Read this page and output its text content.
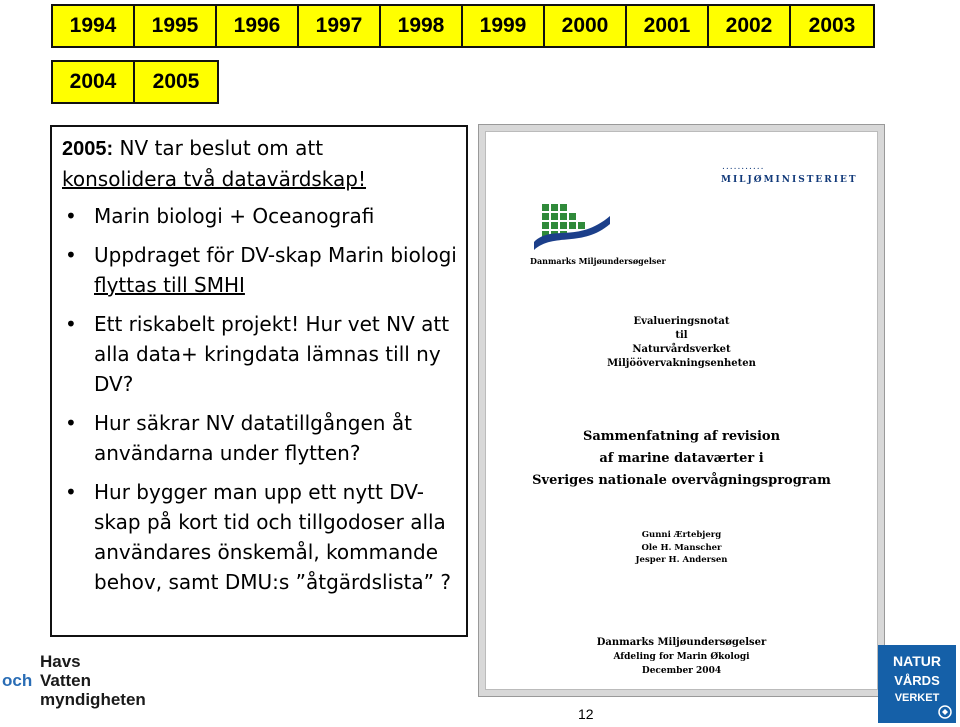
1994	1995	1996	1997	1998	1999	2000	2001	2002	2003
2004	2005
2005: NV tar beslut om att
konsolidera två datavärdskap!
• Marin biologi + Oceanografi
• Uppdraget för DV-skap Marin biologi flyttas till SMHI
• Ett riskabelt projekt! Hur vet NV att alla data+ kringdata lämnas till ny DV?
• Hur säkrar NV datatillgången åt användarna under flytten?
• Hur bygger man upp ett nytt DV-skap på kort tid och tillgodoser alla användares önskemål, kommande behov, samt DMU:s ”åtgärdslista” ?
...........
MILJØMINISTERIET
Danmarks Miljøundersøgelser
Evalueringsnotat
til
Naturvårdsverket
Miljöövervakningsenheten
Sammenfatning af revision
af marine dataværter i
Sveriges nationale overvågningsprogram
Gunni Ærtebjerg
Ole H. Manscher
Jesper H. Andersen
Danmarks Miljøundersøgelser
Afdeling for Marin Økologi
December 2004
12
Havs
och Vatten
myndigheten
NATUR
VÅRDS
VERKET
